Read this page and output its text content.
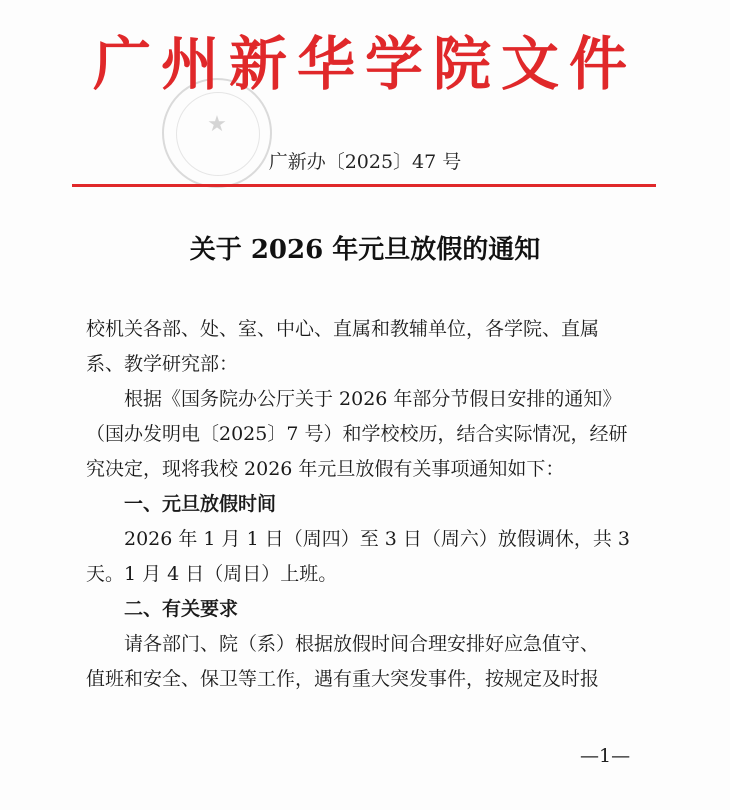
★
广州新华学院文件
广新办〔2025〕47 号
关于 2026 年元旦放假的通知
校机关各部、处、室、中心、直属和教辅单位，各学院、直属
系、教学研究部：
根据《国务院办公厅关于 2026 年部分节假日安排的通知》
（国办发明电〔2025〕7 号）和学校校历，结合实际情况，经研
究决定，现将我校 2026 年元旦放假有关事项通知如下：
一、元旦放假时间
2026 年 1 月 1 日（周四）至 3 日（周六）放假调休，共 3
天。1 月 4 日（周日）上班。
二、有关要求
请各部门、院（系）根据放假时间合理安排好应急值守、
值班和安全、保卫等工作，遇有重大突发事件，按规定及时报
—1—
